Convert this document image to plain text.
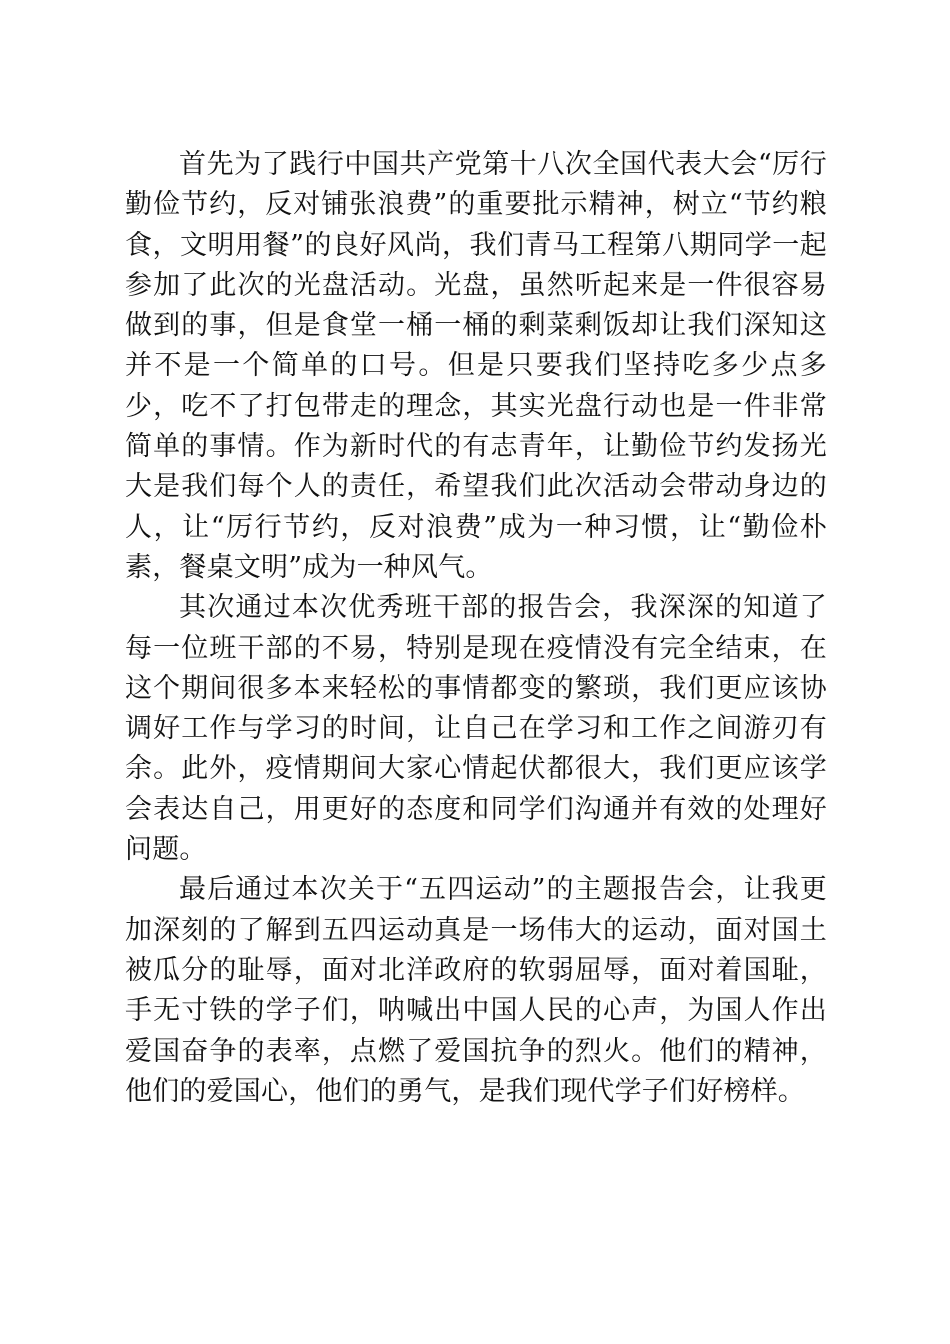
首先为了践行中国共产党第十八次全国代表大会“厉行勤俭节约，反对铺张浪费”的重要批示精神，树立“节约粮食，文明用餐”的良好风尚，我们青马工程第八期同学一起参加了此次的光盘活动。光盘，虽然听起来是一件很容易做到的事，但是食堂一桶一桶的剩菜剩饭却让我们深知这并不是一个简单的口号。但是只要我们坚持吃多少点多少，吃不了打包带走的理念，其实光盘行动也是一件非常简单的事情。作为新时代的有志青年，让勤俭节约发扬光大是我们每个人的责任，希望我们此次活动会带动身边的人，让“厉行节约，反对浪费”成为一种习惯，让“勤俭朴素，餐桌文明”成为一种风气。

其次通过本次优秀班干部的报告会，我深深的知道了每一位班干部的不易，特别是现在疫情没有完全结束，在这个期间很多本来轻松的事情都变的繁琐，我们更应该协调好工作与学习的时间，让自己在学习和工作之间游刃有余。此外，疫情期间大家心情起伏都很大，我们更应该学会表达自己，用更好的态度和同学们沟通并有效的处理好问题。

最后通过本次关于“五四运动”的主题报告会，让我更加深刻的了解到五四运动真是一场伟大的运动，面对国土被瓜分的耻辱，面对北洋政府的软弱屈辱，面对着国耻，手无寸铁的学子们，呐喊出中国人民的心声，为国人作出爱国奋争的表率，点燃了爱国抗争的烈火。他们的精神，他们的爱国心，他们的勇气，是我们现代学子们好榜样。
